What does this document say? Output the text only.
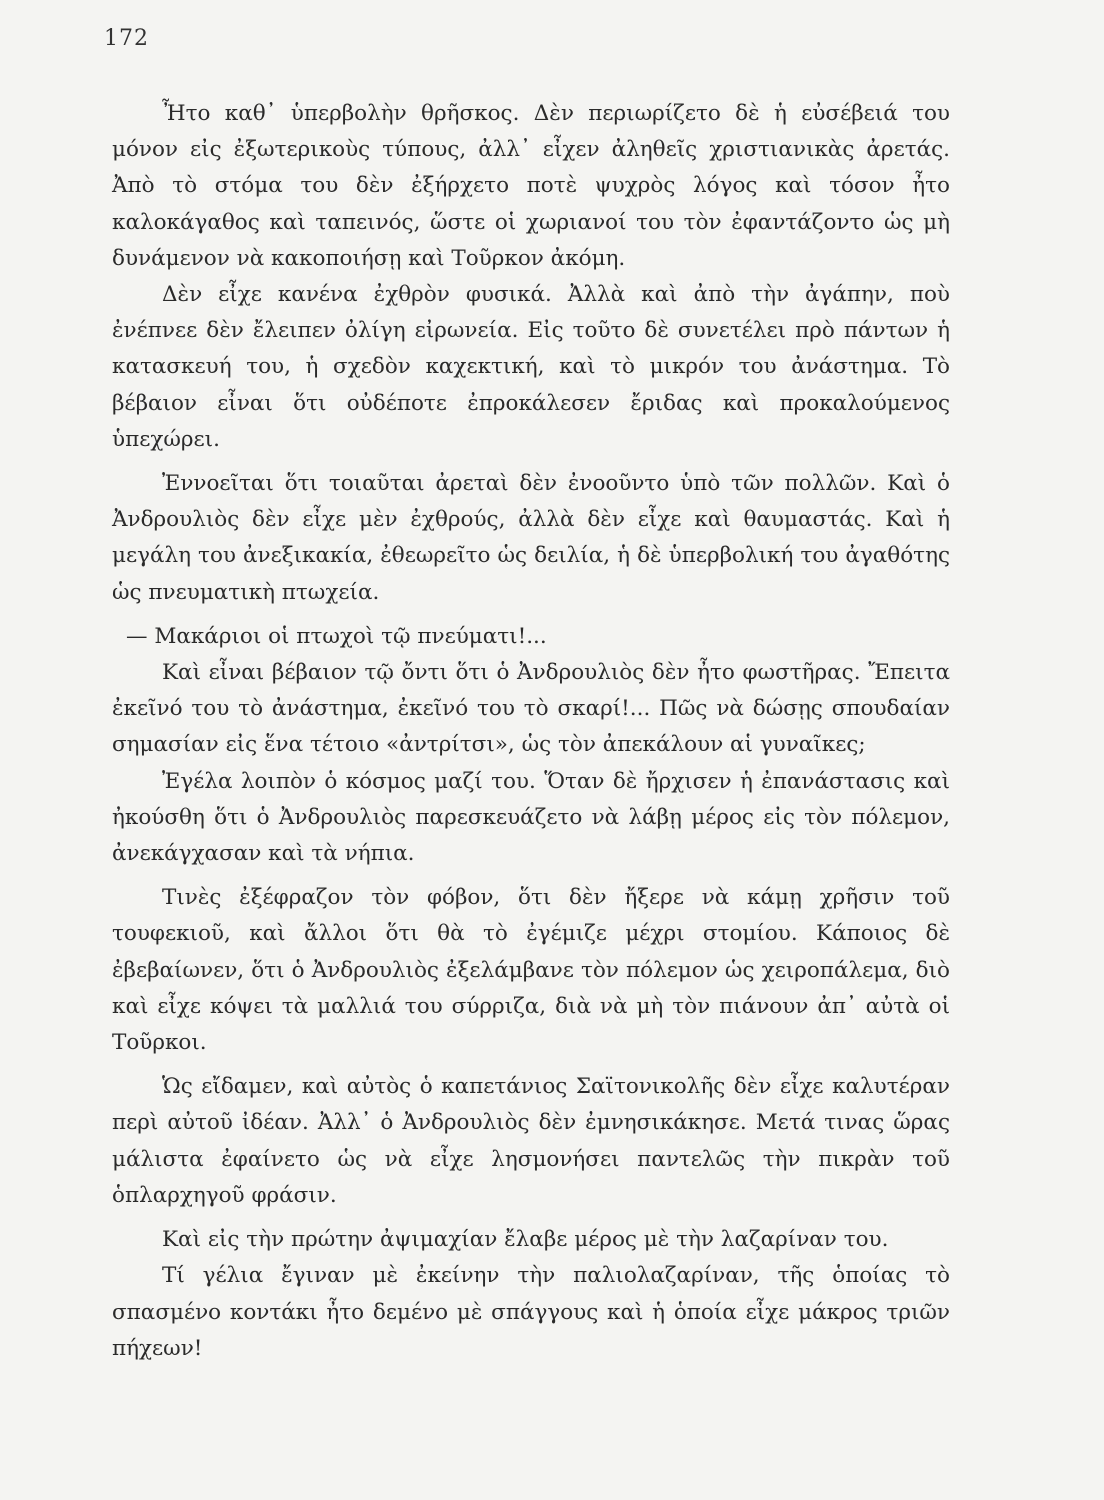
172

Ἦτο καθ᾽ ὑπερβολὴν θρῆσκος. Δὲν περιωρίζετο δὲ ἡ εὐσέβειά του μόνον εἰς ἐξωτερικοὺς τύπους, ἀλλ᾽ εἶχεν ἀληθεῖς χριστιανικὰς ἀρετάς. Ἀπὸ τὸ στόμα του δὲν ἐξήρχετο ποτὲ ψυχρὸς λόγος καὶ τόσον ἦτο καλοκάγαθος καὶ ταπεινός, ὥστε οἱ χωριανοί του τὸν ἐφαντάζοντο ὡς μὴ δυνάμενον νὰ κακοποιήσῃ καὶ Τοῦρκον ἀκόμη.

Δὲν εἶχε κανένα ἐχθρὸν φυσικά. Ἀλλὰ καὶ ἀπὸ τὴν ἀγάπην, ποὺ ἐνέπνεε δὲν ἔλειπεν ὀλίγη εἰρωνεία. Εἰς τοῦτο δὲ συνετέλει πρὸ πάντων ἡ κατασκευή του, ἡ σχεδὸν καχεκτική, καὶ τὸ μικρόν του ἀνάστημα. Τὸ βέβαιον εἶναι ὅτι οὐδέποτε ἐπροκάλεσεν ἔριδας καὶ προκαλούμενος ὑπεχώρει.

Ἐννοεῖται ὅτι τοιαῦται ἀρεταὶ δὲν ἐνοοῦντο ὑπὸ τῶν πολλῶν. Καὶ ὁ Ἀνδρουλιὸς δὲν εἶχε μὲν ἐχθρούς, ἀλλὰ δὲν εἶχε καὶ θαυμαστάς. Καὶ ἡ μεγάλη του ἀνεξικακία, ἐθεωρεῖτο ὡς δειλία, ἡ δὲ ὑπερβολική του ἀγαθότης ὡς πνευματικὴ πτωχεία.

— Μακάριοι οἱ πτωχοὶ τῷ πνεύματι!...

Καὶ εἶναι βέβαιον τῷ ὄντι ὅτι ὁ Ἀνδρουλιὸς δὲν ἦτο φωστῆρας. Ἔπειτα ἐκεῖνό του τὸ ἀνάστημα, ἐκεῖνό του τὸ σκαρί!... Πῶς νὰ δώσῃς σπουδαίαν σημασίαν εἰς ἕνα τέτοιο «ἀντρίτσι», ὡς τὸν ἀπεκάλουν αἱ γυναῖκες;

Ἐγέλα λοιπὸν ὁ κόσμος μαζί του. Ὅταν δὲ ἤρχισεν ἡ ἐπανάστασις καὶ ἠκούσθη ὅτι ὁ Ἀνδρουλιὸς παρεσκευάζετο νὰ λάβῃ μέρος εἰς τὸν πόλεμον, ἀνεκάγχασαν καὶ τὰ νήπια.

Τινὲς ἐξέφραζον τὸν φόβον, ὅτι δὲν ἤξερε νὰ κάμῃ χρῆσιν τοῦ τουφεκιοῦ, καὶ ἄλλοι ὅτι θὰ τὸ ἐγέμιζε μέχρι στομίου. Κάποιος δὲ ἐβεβαίωνεν, ὅτι ὁ Ἀνδρουλιὸς ἐξελάμβανε τὸν πόλεμον ὡς χειροπάλεμα, διὸ καὶ εἶχε κόψει τὰ μαλλιά του σύρριζα, διὰ νὰ μὴ τὸν πιάνουν ἀπ᾽ αὐτὰ οἱ Τοῦρκοι.

Ὡς εἴδαμεν, καὶ αὐτὸς ὁ καπετάνιος Σαϊτονικολῆς δὲν εἶχε καλυτέραν περὶ αὐτοῦ ἰδέαν. Ἀλλ᾽ ὁ Ἀνδρουλιὸς δὲν ἐμνησικάκησε. Μετά τινας ὥρας μάλιστα ἐφαίνετο ὡς νὰ εἶχε λησμονήσει παντελῶς τὴν πικρὰν τοῦ ὁπλαρχηγοῦ φράσιν.

Καὶ εἰς τὴν πρώτην ἀψιμαχίαν ἔλαβε μέρος μὲ τὴν λαζαρίναν του.

Τί γέλια ἔγιναν μὲ ἐκείνην τὴν παλιολαζαρίναν, τῆς ὁποίας τὸ σπασμένο κοντάκι ἦτο δεμένο μὲ σπάγγους καὶ ἡ ὁποία εἶχε μάκρος τριῶν πήχεων!
